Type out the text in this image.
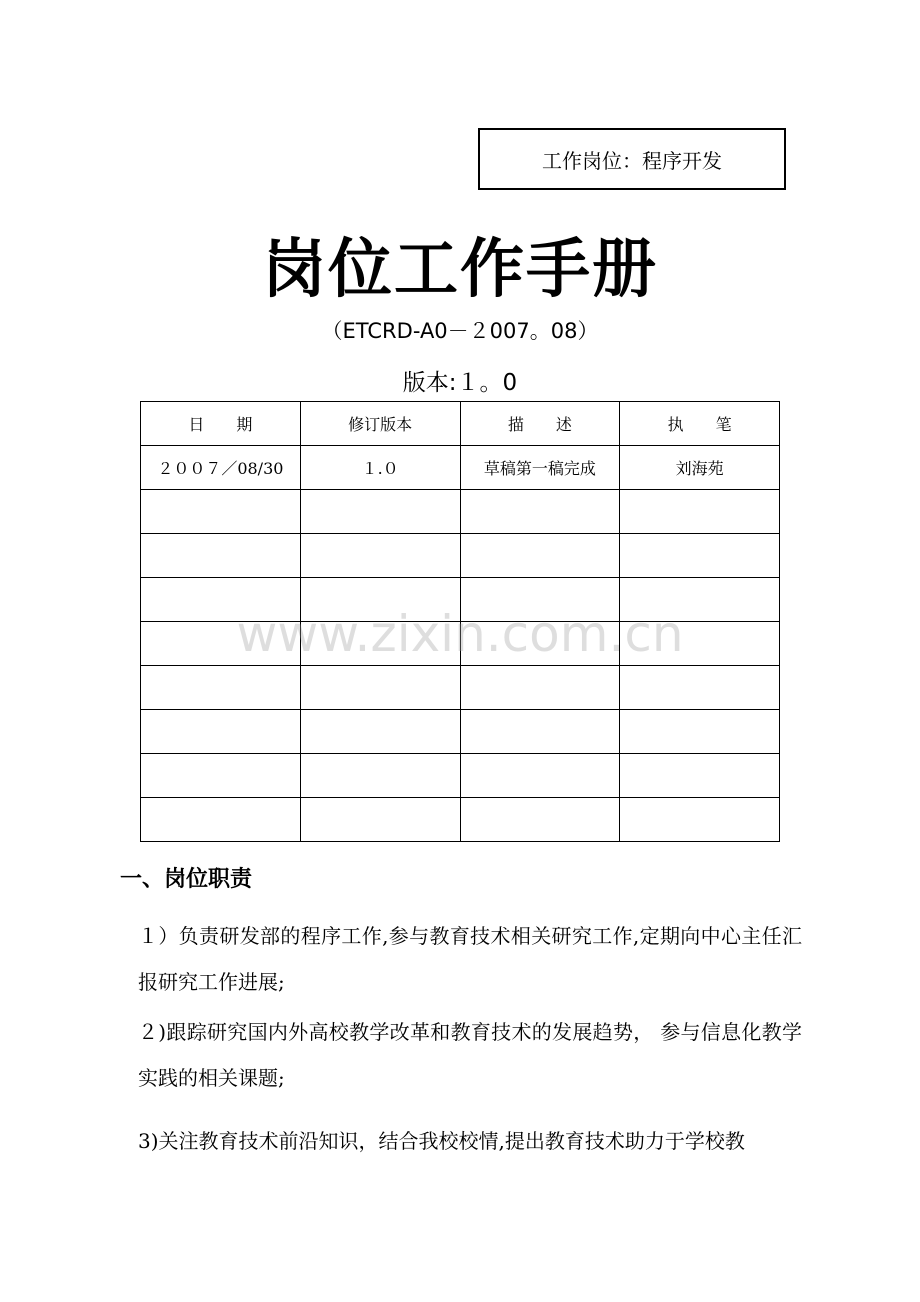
工作岗位：程序开发
岗位工作手册
（ETCRD-A0－２007。08）
版本:１。0
日　　期	修订版本	描　　述	执　　笔
２００７／08/30	１.０	草稿第一稿完成	刘海苑

www.zixin.com.cn
一、岗位职责
１）负责研发部的程序工作,参与教育技术相关研究工作,定期向中心主任汇报研究工作进展;
２)跟踪研究国内外高校教学改革和教育技术的发展趋势， 参与信息化教学实践的相关课题;
3)关注教育技术前沿知识，结合我校校情,提出教育技术助力于学校教
